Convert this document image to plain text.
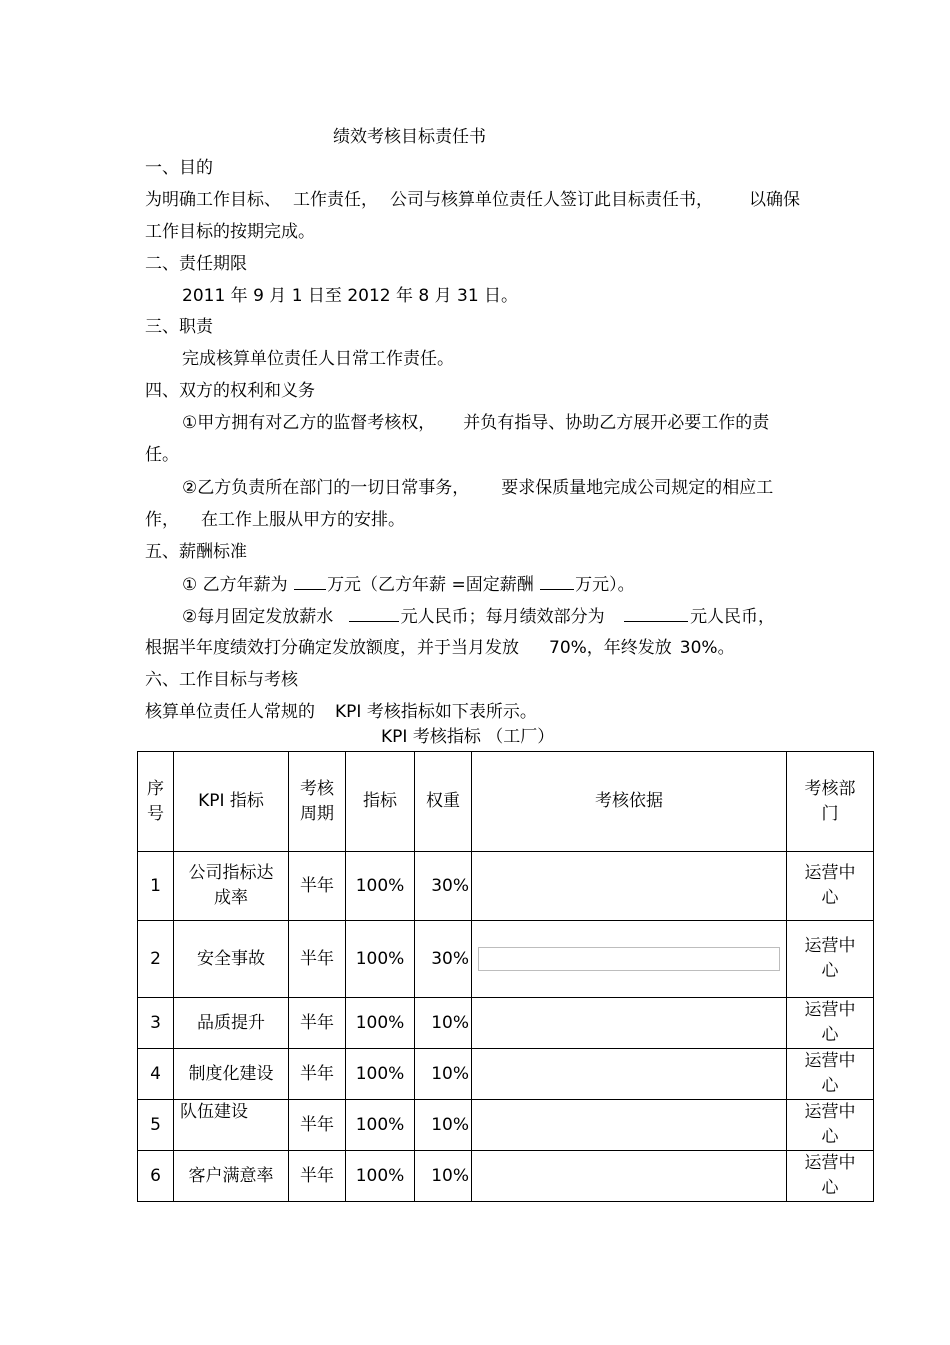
绩效考核目标责任书
一、目的
为明确工作目标、 工作责任， 公司与核算单位责任人签订此目标责任书， 以确保
工作目标的按期完成。
二、责任期限
2011 年 9 月 1 日至 2012 年 8 月 31 日。
三、职责
完成核算单位责任人日常工作责任。
四、双方的权利和义务
①甲方拥有对乙方的监督考核权， 并负有指导、协助乙方展开必要工作的责
任。
②乙方负责所在部门的一切日常事务， 要求保质量地完成公司规定的相应工
作， 在工作上服从甲方的安排。
五、薪酬标准
① 乙方年薪为 万元（乙方年薪 =固定薪酬 万元）。
②每月固定发放薪水	元人民币；每月绩效部分为	元人民币，
根据半年度绩效打分确定发放额度，并于当月发放 70%，年终发放 30%。
六、工作目标与考核
核算单位责任人常规的 KPI 考核指标如下表所示。
KPI 考核指标 （工厂）
序号	KPI 指标	考核周期	指标	权重	考核依据	考核部门

1	公司指标达成率	半年	100%	30%		运营中心

2	安全事故	半年	100%	30%		运营中心

3	品质提升	半年	100%	10%		运营中心

4	制度化建设	半年	100%	10%		运营中心

5	队伍建设	半年	100%	10%		运营中心

6	客户满意率	半年	100%	10%		运营中心
